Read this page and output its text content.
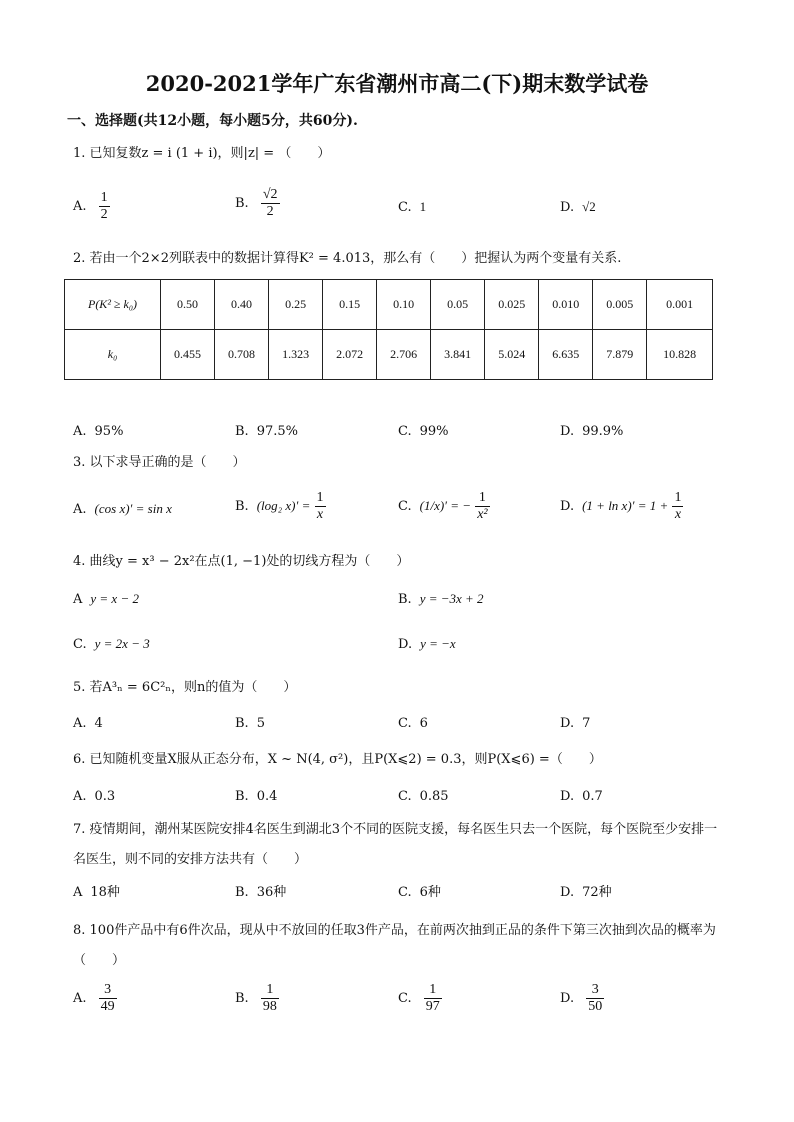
2020-2021学年广东省潮州市高二(下)期末数学试卷
一、选择题(共12小题，每小题5分，共60分).
1. 已知复数z = i (1 + i)，则|z| = （　　）
A. $\frac{1}{2}$	B. $\frac{√2}{2}$	C. 1	D. √2
2. 若由一个2×2列联表中的数据计算得K² = 4.013，那么有（　　）把握认为两个变量有关系.
P(K² ≥ k₀)	0.50	0.40	0.25	0.15	0.10	0.05	0.025	0.010	0.005	0.001
k₀	0.455	0.708	1.323	2.072	2.706	3.841	5.024	6.635	7.879	10.828
A. 95%	B. 97.5%	C. 99%	D. 99.9%
3. 以下求导正确的是（　　）
A. (cos x)′ = sin x	B. (log₂ $x)' = \frac{1}{x}$	C. (1/x)′ = − $\frac{1}{\text{x²}}$	D. $(1 + \ln x)' = 1 + \frac{1}{x}$
4. 曲线y = x³ − 2x²在点(1, −1)处的切线方程为（　　）
A y = x − 2	B. y = −3x + 2
C. y = 2x − 3	D. y = −x
5. 若A³ₙ = 6C²ₙ，则n的值为（　　）
A. 4	B. 5	C. 6	D. 7
6. 已知随机变量X服从正态分布，X ~ N(4, σ²)，且P(X⩽2) = 0.3，则P(X⩽6) =（　　）
A. 0.3	B. 0.4	C. 0.85	D. 0.7
7. 疫情期间，潮州某医院安排4名医生到湖北3个不同的医院支援，每名医生只去一个医院，每个医院至少安排一名医生，则不同的安排方法共有（　　）
A 18种	B. 36种	C. 6种	D. 72种
8. 100件产品中有6件次品，现从中不放回的任取3件产品，在前两次抽到正品的条件下第三次抽到次品的概率为（　　）
A. $\frac{3}{49}$	B. $\frac{1}{98}$	C. $\frac{1}{97}$	D. $\frac{3}{50}$
